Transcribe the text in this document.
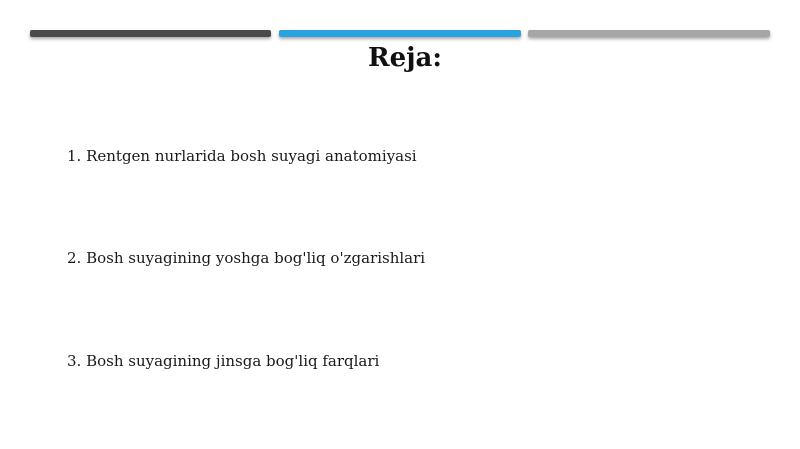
Reja:
1. Rentgen nurlarida bosh suyagi anatomiyasi
2. Bosh suyagining yoshga bog'liq o'zgarishlari
3. Bosh suyagining jinsga bog'liq farqlari
